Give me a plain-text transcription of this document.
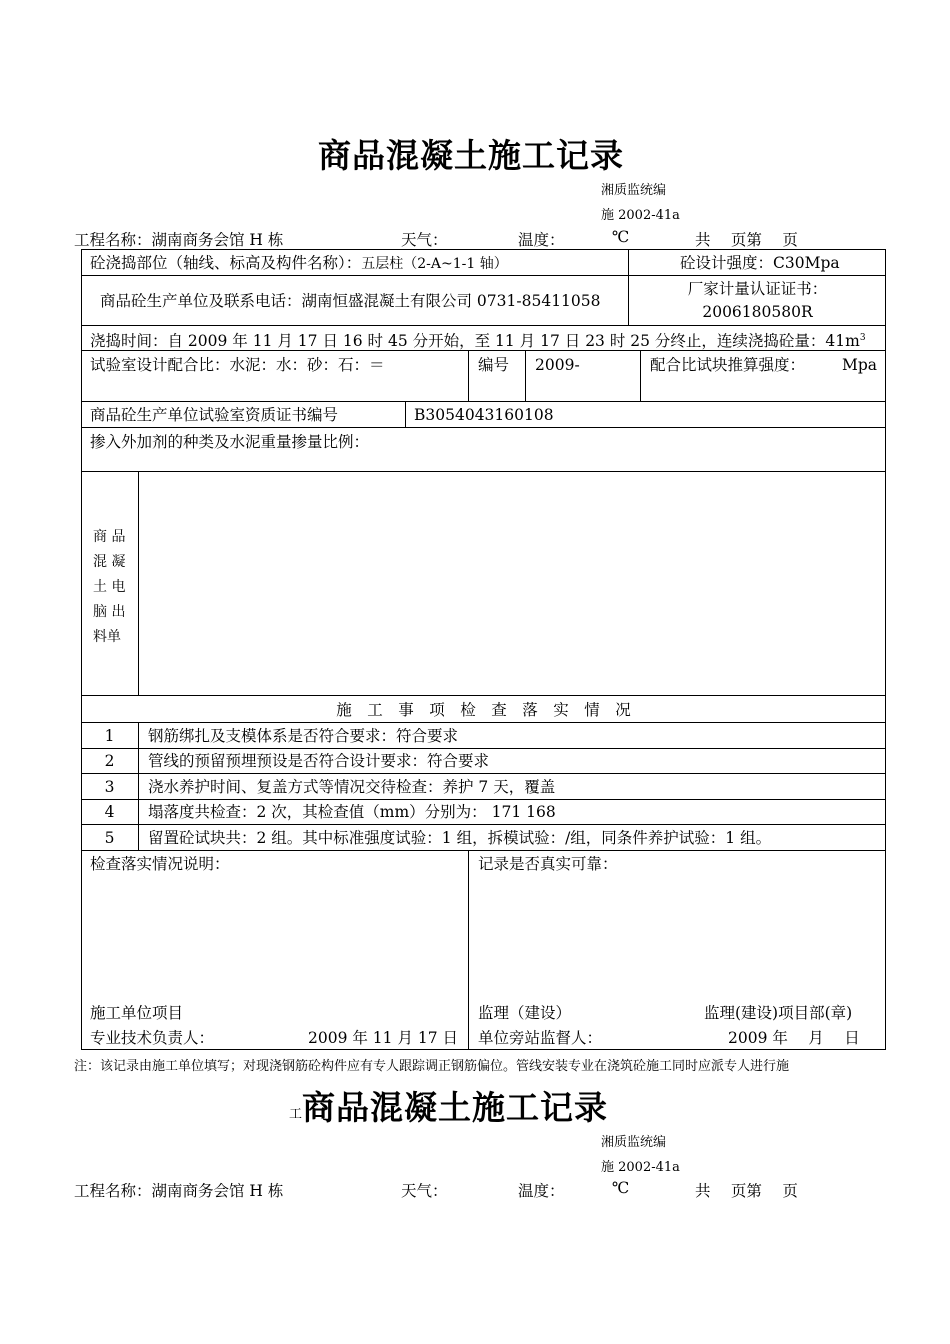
商品混凝土施工记录
湘质监统编
施 2002-41a
工程名称：湖南商务会馆 H 栋	天气：	温度：	℃	共　 页第　 页
砼浇捣部位（轴线、标高及构件名称）：五层柱（2-A~1-1 轴）	砼设计强度：C30Mpa
商品砼生产单位及联系电话：湖南恒盛混凝土有限公司 0731-85411058
厂家计量认证证书：
2006180580R
浇捣时间：自 2009 年 11 月 17 日 16 时 45 分开始，至 11 月 17 日 23 时 25 分终止，连续浇捣砼量：$41m^3$
试验室设计配合比：水泥：水：砂：石：＝	编号 2009-	配合比试块推算强度： Mpa
商品砼生产单位试验室资质证书编号	B3054043160108
掺入外加剂的种类及水泥重量掺量比例：
商 品
混 凝
土 电
脑 出
料单
施　工　事　项　检　查　落　实　情　况
1	钢筋绑扎及支模体系是否符合要求：符合要求
2	管线的预留预埋预设是否符合设计要求：符合要求
3	浇水养护时间、复盖方式等情况交待检查：养护 7 天，覆盖
4	塌落度共检查：2 次，其检查值（mm）分别为： 171 168
5	留置砼试块共：2 组。其中标准强度试验：1 组，拆模试验：/组，同条件养护试验：1 组。
检查落实情况说明：	记录是否真实可靠：
施工单位项目
专业技术负责人：	2009 年 11 月 17 日
监理（建设）	监理(建设)项目部(章)
单位旁站监督人：	2009 年　 月　 日
注：该记录由施工单位填写；对现浇钢筋砼构件应有专人跟踪调正钢筋偏位。管线安装专业在浇筑砼施工同时应派专人进行施
工 商品混凝土施工记录
湘质监统编
施 2002-41a
工程名称：湖南商务会馆 H 栋	天气：	温度：	℃	共　 页第　 页
